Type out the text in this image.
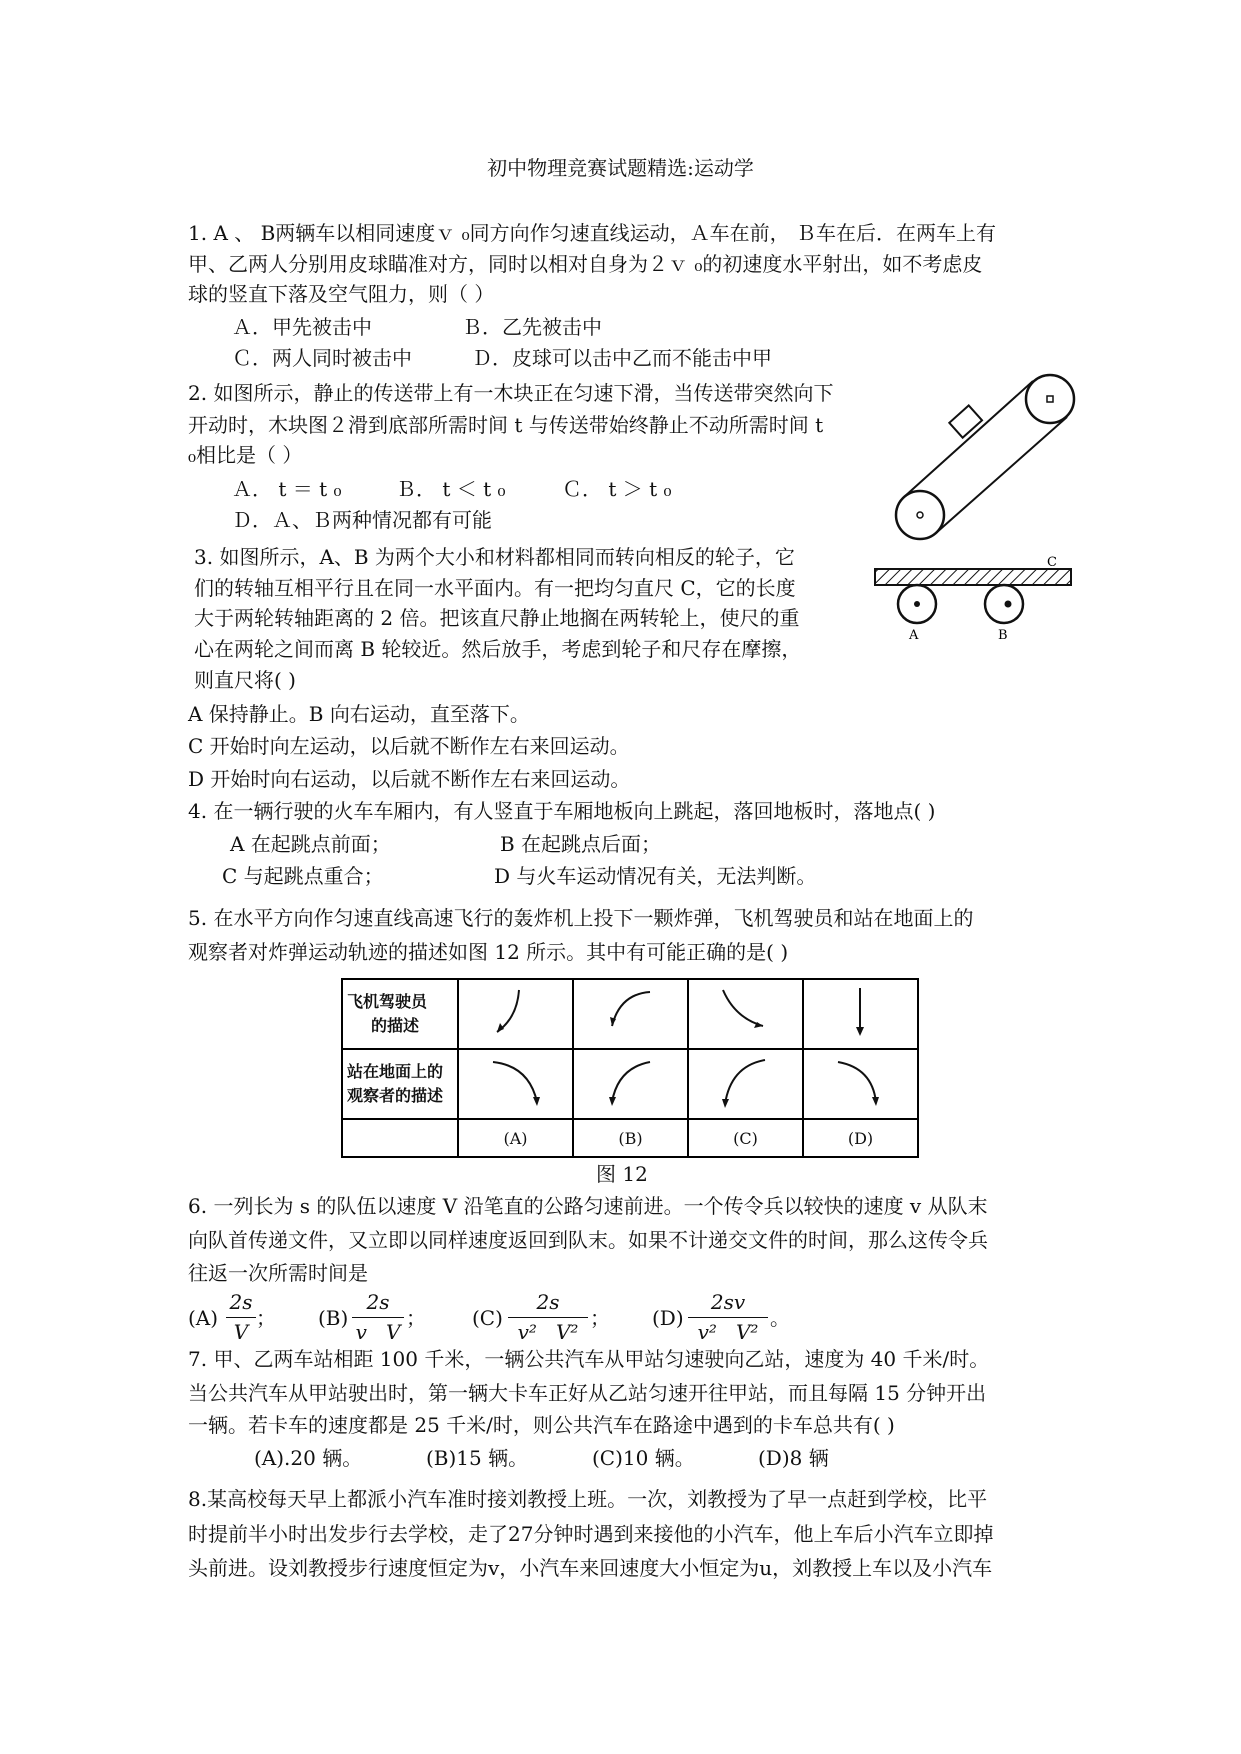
初中物理竞赛试题精选:运动学
1. A 、 B两辆车以相同速度ｖ ₀同方向作匀速直线运动，Ａ车在前， Ｂ车在后．在两车上有
甲、乙两人分别用皮球瞄准对方，同时以相对自身为２ｖ ₀的初速度水平射出，如不考虑皮
球的竖直下落及空气阻力，则（ ）
Ａ．甲先被击中	Ｂ．乙先被击中
Ｃ．两人同时被击中	Ｄ．皮球可以击中乙而不能击中甲
2. 如图所示，静止的传送带上有一木块正在匀速下滑，当传送带突然向下
开动时，木块图２滑到底部所需时间 t 与传送带始终静止不动所需时间 t
₀相比是（ ）
Ａ． t ＝ t ₀	Ｂ． t ＜ t ₀	Ｃ． t ＞ t ₀
Ｄ．Ａ、Ｂ两种情况都有可能
3. 如图所示，A、B 为两个大小和材料都相同而转向相反的轮子，它
们的转轴互相平行且在同一水平面内。有一把均匀直尺 C，它的长度
大于两轮转轴距离的 2 倍。把该直尺静止地搁在两转轮上，使尺的重
心在两轮之间而离 B 轮较近。然后放手，考虑到轮子和尺存在摩擦，
则直尺将( )
A 保持静止。B 向右运动，直至落下。
C 开始时向左运动，以后就不断作左右来回运动。
D 开始时向右运动，以后就不断作左右来回运动。
C
A	B
4. 在一辆行驶的火车车厢内，有人竖直于车厢地板向上跳起，落回地板时，落地点( )
A 在起跳点前面；	B 在起跳点后面；
C 与起跳点重合；	D 与火车运动情况有关，无法判断。
5. 在水平方向作匀速直线高速飞行的轰炸机上投下一颗炸弹，飞机驾驶员和站在地面上的
观察者对炸弹运动轨迹的描述如图 12 所示。其中有可能正确的是( )
飞机驾驶员
的描述

站在地面上的
观察者的描述

	(A)	(B)	(C)	(D)
图 12
6. 一列长为 s 的队伍以速度 V 沿笔直的公路匀速前进。一个传令兵以较快的速度 v 从队末
向队首传递文件，又立即以同样速度返回到队末。如果不计递交文件的时间，那么这传令兵
往返一次所需时间是
(A)
2s
V
； (B)
2s
v   V
； (C)
2s
v²   V²
； (D)
2sv
v²   V²
。
7. 甲、乙两车站相距 100 千米，一辆公共汽车从甲站匀速驶向乙站，速度为 40 千米/时。
当公共汽车从甲站驶出时，第一辆大卡车正好从乙站匀速开往甲站，而且每隔 15 分钟开出
一辆。若卡车的速度都是 25 千米/时，则公共汽车在路途中遇到的卡车总共有( )
(A).20 辆。	(B)15 辆。	(C)10 辆。	(D)8 辆
8.某高校每天早上都派小汽车准时接刘教授上班。一次，刘教授为了早一点赶到学校，比平
时提前半小时出发步行去学校，走了27分钟时遇到来接他的小汽车，他上车后小汽车立即掉
头前进。设刘教授步行速度恒定为v，小汽车来回速度大小恒定为u，刘教授上车以及小汽车
